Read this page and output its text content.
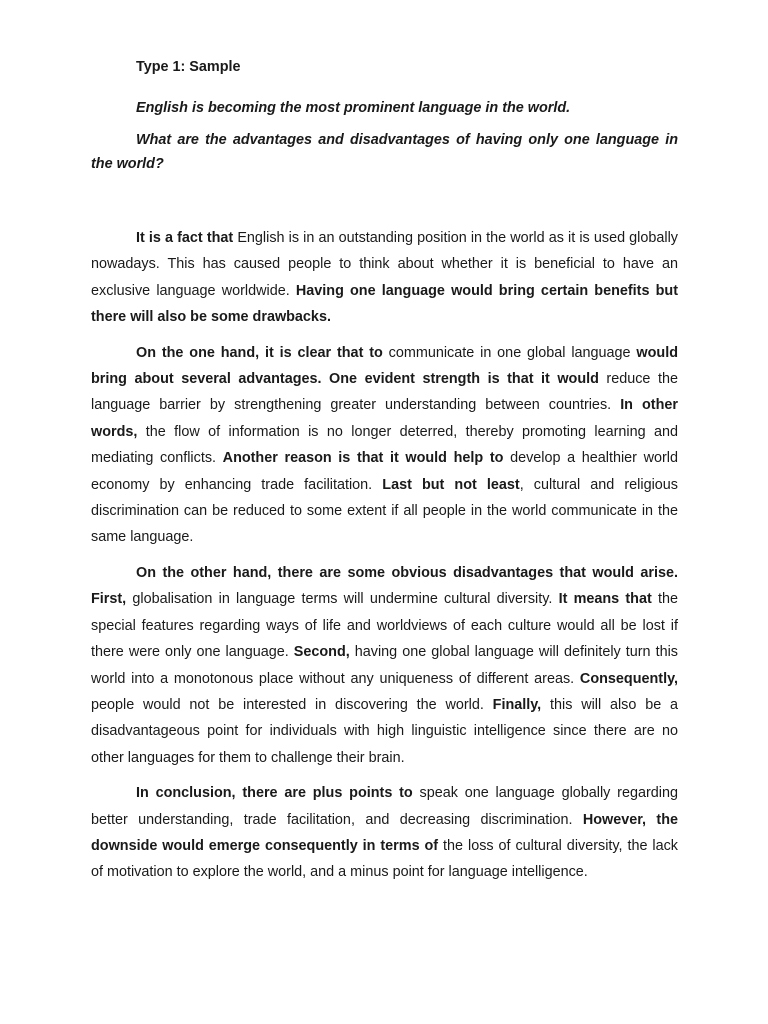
Type 1: Sample

English is becoming the most prominent language in the world.

What are the advantages and disadvantages of having only one language in the world?

It is a fact that English is in an outstanding position in the world as it is used globally nowadays. This has caused people to think about whether it is beneficial to have an exclusive language worldwide. Having one language would bring certain benefits but there will also be some drawbacks.

On the one hand, it is clear that to communicate in one global language would bring about several advantages. One evident strength is that it would reduce the language barrier by strengthening greater understanding between countries. In other words, the flow of information is no longer deterred, thereby promoting learning and mediating conflicts. Another reason is that it would help to develop a healthier world economy by enhancing trade facilitation. Last but not least, cultural and religious discrimination can be reduced to some extent if all people in the world communicate in the same language.

On the other hand, there are some obvious disadvantages that would arise. First, globalisation in language terms will undermine cultural diversity. It means that the special features regarding ways of life and worldviews of each culture would all be lost if there were only one language. Second, having one global language will definitely turn this world into a monotonous place without any uniqueness of different areas. Consequently, people would not be interested in discovering the world. Finally, this will also be a disadvantageous point for individuals with high linguistic intelligence since there are no other languages for them to challenge their brain.

In conclusion, there are plus points to speak one language globally regarding better understanding, trade facilitation, and decreasing discrimination. However, the downside would emerge consequently in terms of the loss of cultural diversity, the lack of motivation to explore the world, and a minus point for language intelligence.
